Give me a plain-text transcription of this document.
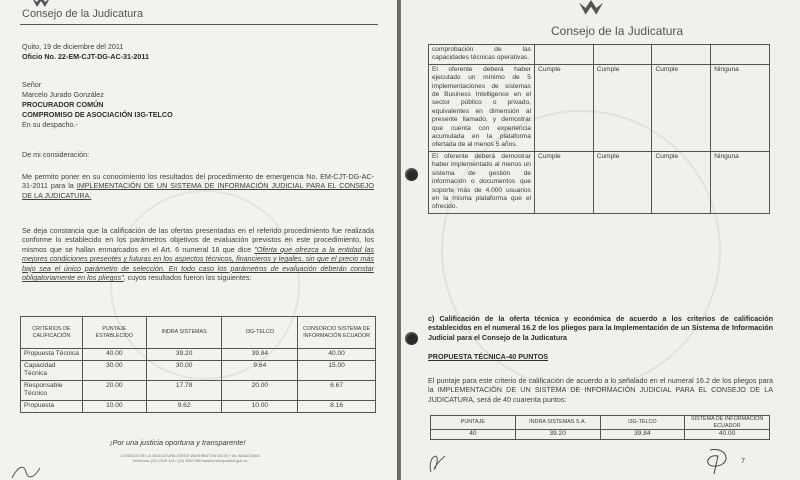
Consejo de la Judicatura
Quito, 19 de diciembre del 2011
Oficio No. 22-EM-CJT-DG-AC-31-2011
Señor
Marcelo Jurado González
PROCURADOR COMÚN
COMPROMISO DE ASOCIACIÓN I3G-TELCO
En su despacho.-
De mi consideración:
Me permito poner en su conocimiento los resultados del procedimiento de emergencia No. EM-CJT-DG-AC-31-2011 para la IMPLEMENTACIÓN DE UN SISTEMA DE INFORMACIÓN JUDICIAL PARA EL CONSEJO DE LA JUDICATURA.
Se deja constancia que la calificación de las ofertas presentadas en el referido procedimiento fue realizada conforme lo establecido en los parámetros objetivos de evaluación previstos en este procedimiento, los mismos que se hallan enmarcados en el Art. 6 numeral 18 que dice "Oferta que ofrezca a la entidad las mejores condiciones presentes y futuras en los aspectos técnicos, financieros y legales, sin que el precio más bajo sea el único parámetro de selección. En todo caso los parámetros de evaluación deberán constar obligatoriamente en los pliegos", cuyos resultados fueron los siguientes:
CRITERIOS DE CALIFICACIÓN	PUNTAJE ESTABLECIDO	INDRA SISTEMAS	I3G-TELCO	CONSORCIO SISTEMA DE INFORMACIÓN ECUADOR
Propuesta Técnica	40.00	39.20	39.84	40.00
Capacidad Técnica	30.00	30.00	9.64	15.00
Responsable Técnico	20.00	17.78	20.00	6.67
Propuesta	10.00	9.62	10.00	8.16
¡Por una justicia oportuna y transparente!
CONSEJO DE LA JUDICATURA JORGE WASHINGTON E4-59 Y AV. AMAZONAS Teléfonos: (02) 2228 114 / (02) 2500 555 www.funcionjudicial.gob.ec
Consejo de la Judicatura
comprobación de las capacidades técnicas operativas.				
El oferente deberá haber ejecutado un mínimo de 5 implementaciones de sistemas de Business Intelligence en el sector público o privado, equivalentes en dimensión al presente llamado, y demostrar que cuenta con experiencia acumulada en la plataforma ofertada de al menos 5 años.	Cumple	Cumple	Cumple	Ninguna
El oferente deberá demostrar haber implementado al menos un sistema de gestión de información o documentos que soporte más de 4.000 usuarios en la misma plataforma que el ofrecido.	Cumple	Cumple	Cumple	Ninguna
c) Calificación de la oferta técnica y económica de acuerdo a los criterios de calificación establecidos en el numeral 16.2 de los pliegos para la Implementación de un Sistema de Información Judicial para el Consejo de la Judicatura
PROPUESTA TÉCNICA-40 PUNTOS
El puntaje para este criterio de calificación de acuerdo a lo señalado en el numeral 16.2 de los pliegos para la IMPLEMENTACIÓN DE UN SISTEMA DE INFORMACIÓN JUDICIAL PARA EL CONSEJO DE LA JUDICATURA, será de 40 cuarenta puntos:
PUNTAJE	INDRA SISTEMAS S.A.	I3G-TELCO	SISTEMA DE INFORMACIÓN ECUADOR
40	39.20	39.84	40.00
7
